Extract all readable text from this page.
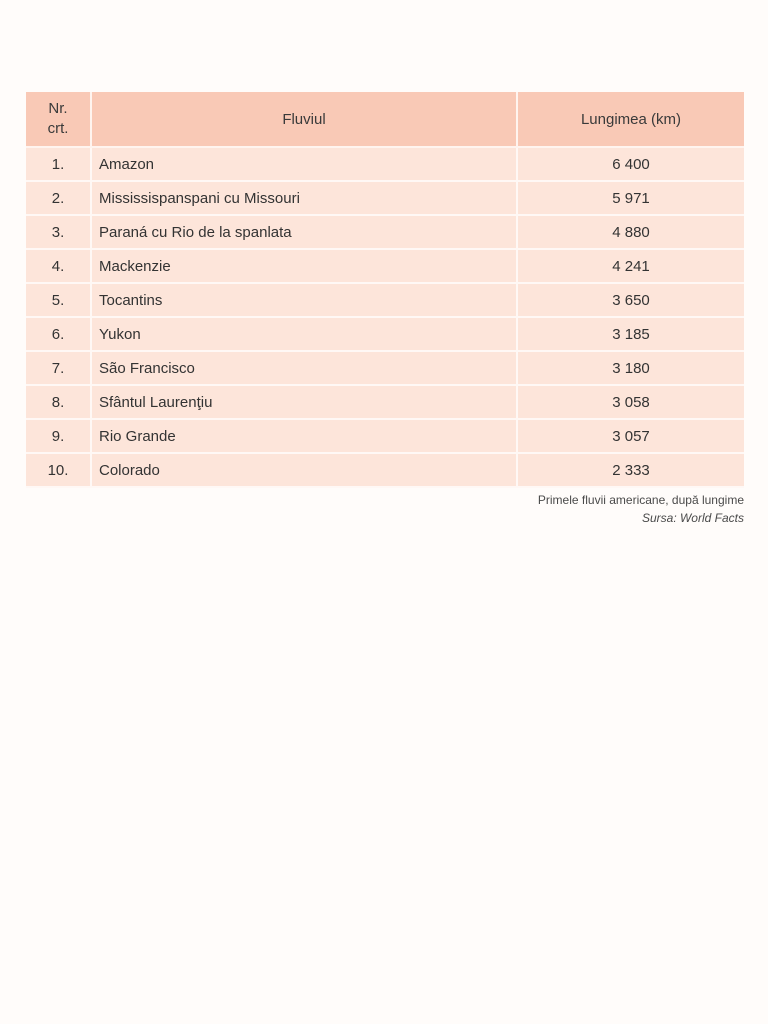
Nr.
crt.	Fluviul	Lungimea (km)
1.	Amazon	6 400
2.	Mississispanspani cu Missouri	5 971
3.	Paraná cu Rio de la spanlata	4 880
4.	Mackenzie	4 241
5.	Tocantins	3 650
6.	Yukon	3 185
7.	São Francisco	3 180
8.	Sfântul Laurenţiu	3 058
9.	Rio Grande	3 057
10.	Colorado	2 333
Primele fluvii americane, după lungime
Sursa: World Facts
